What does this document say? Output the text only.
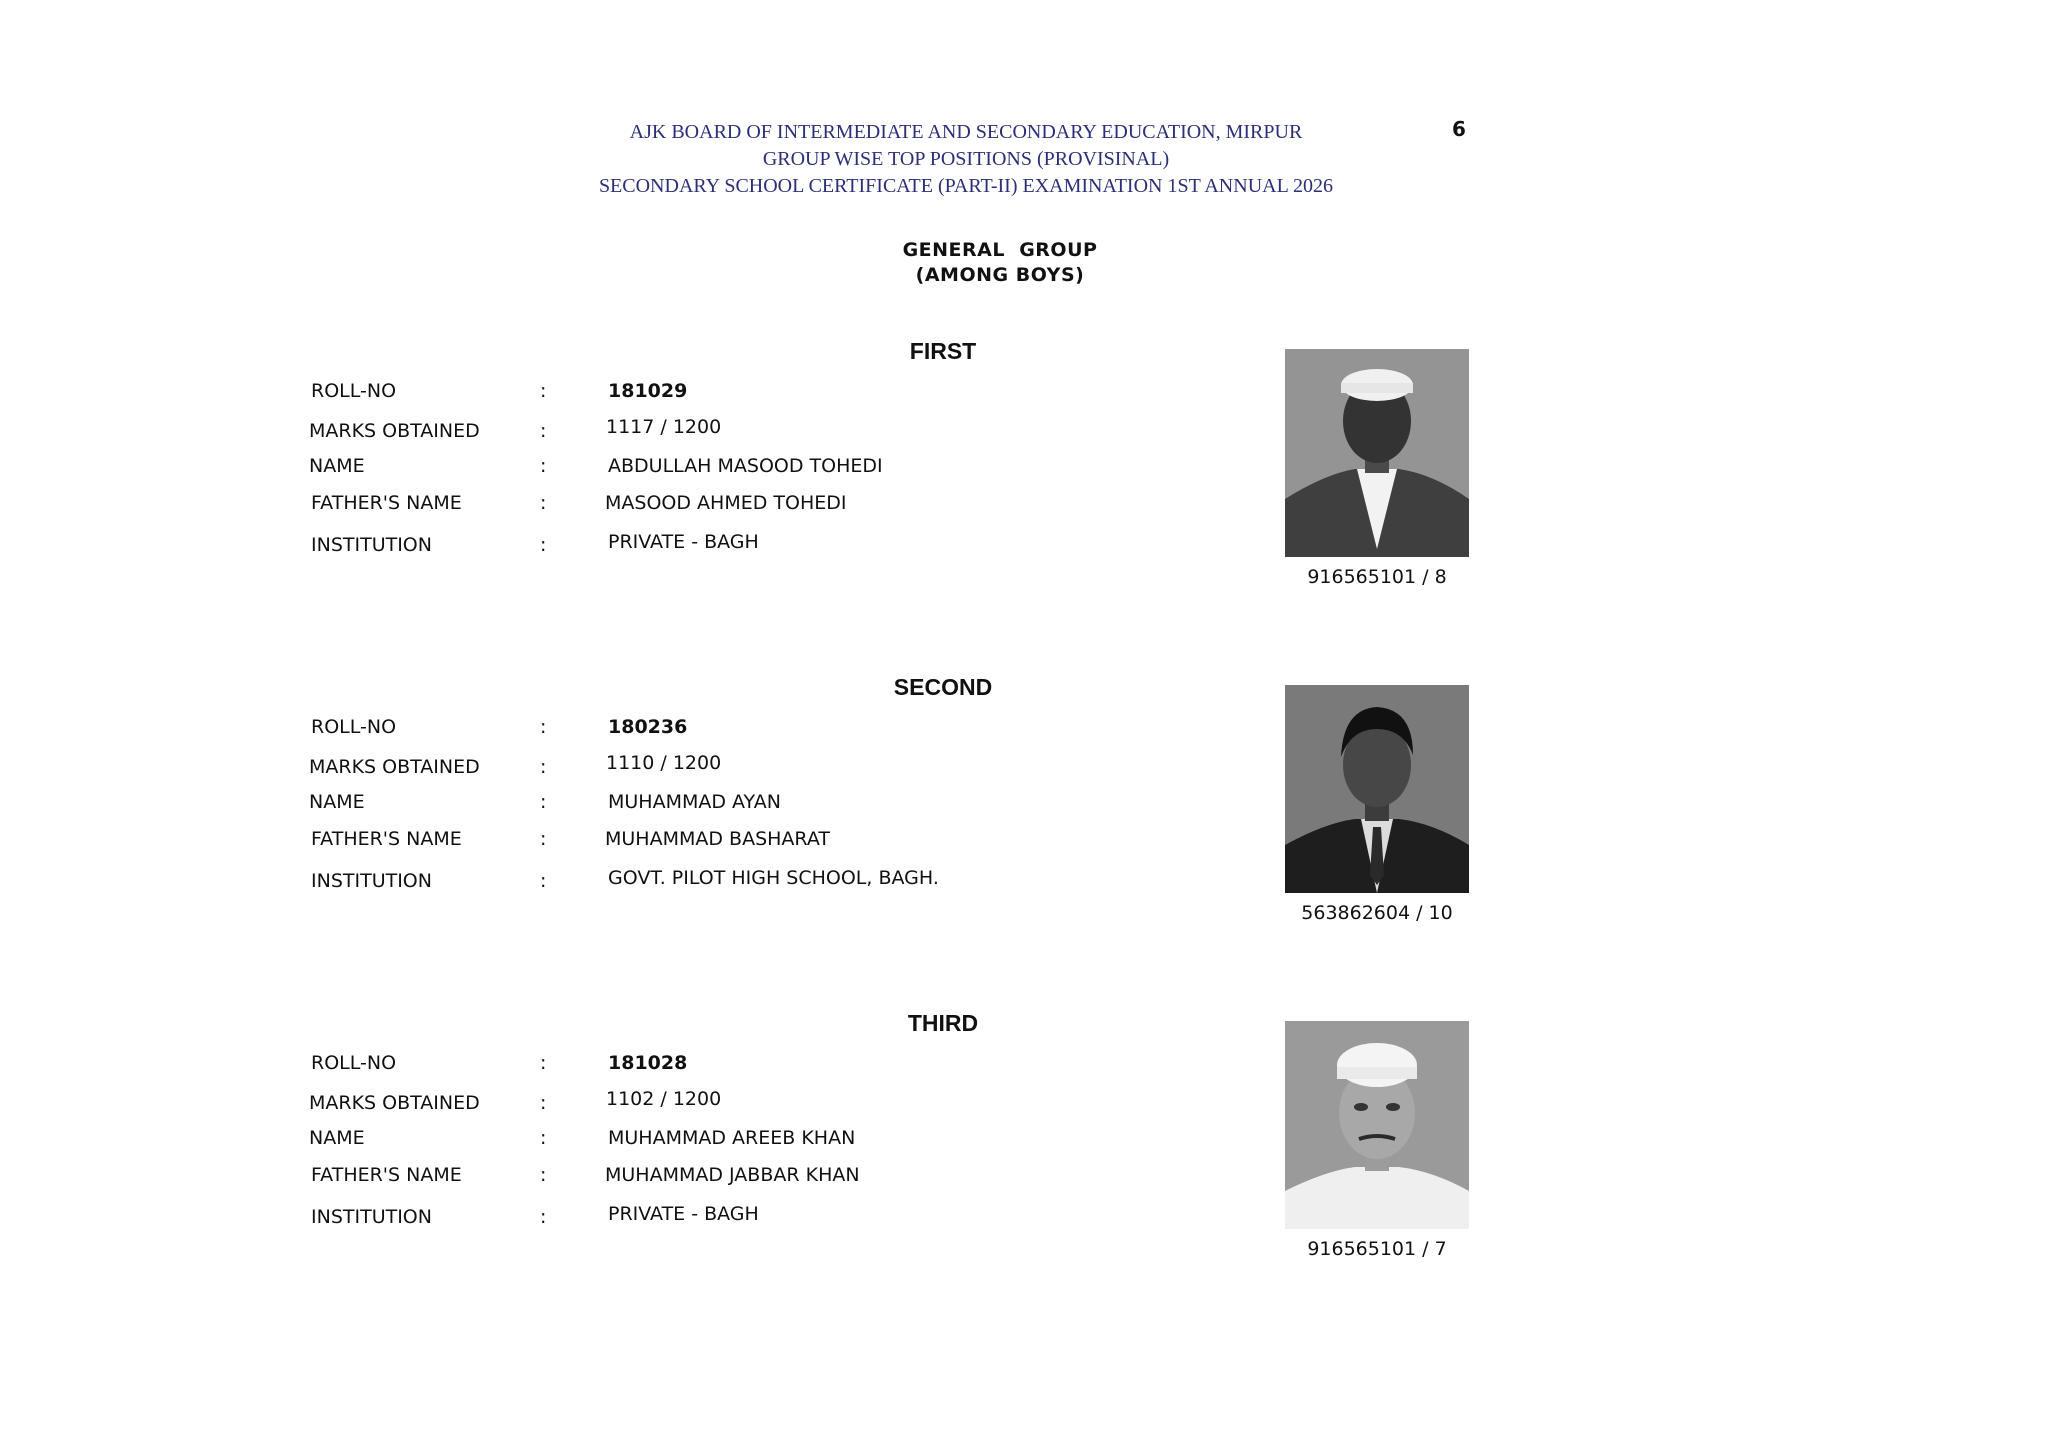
AJK BOARD OF INTERMEDIATE AND SECONDARY EDUCATION, MIRPUR
GROUP WISE TOP POSITIONS (PROVISINAL)
SECONDARY SCHOOL CERTIFICATE (PART-II) EXAMINATION 1ST ANNUAL 2026
6
GENERAL  GROUP
(AMONG BOYS)
FIRST
ROLL-NO	:	181029
MARKS OBTAINED	:	1117 / 1200
NAME	:	ABDULLAH MASOOD TOHEDI
FATHER'S NAME	:	MASOOD AHMED TOHEDI
INSTITUTION	:	PRIVATE - BAGH
916565101 / 8
SECOND
ROLL-NO	:	180236
MARKS OBTAINED	:	1110 / 1200
NAME	:	MUHAMMAD AYAN
FATHER'S NAME	:	MUHAMMAD BASHARAT
INSTITUTION	:	GOVT. PILOT HIGH SCHOOL, BAGH.
563862604 / 10
THIRD
ROLL-NO	:	181028
MARKS OBTAINED	:	1102 / 1200
NAME	:	MUHAMMAD AREEB KHAN
FATHER'S NAME	:	MUHAMMAD JABBAR KHAN
INSTITUTION	:	PRIVATE - BAGH
916565101 / 7
